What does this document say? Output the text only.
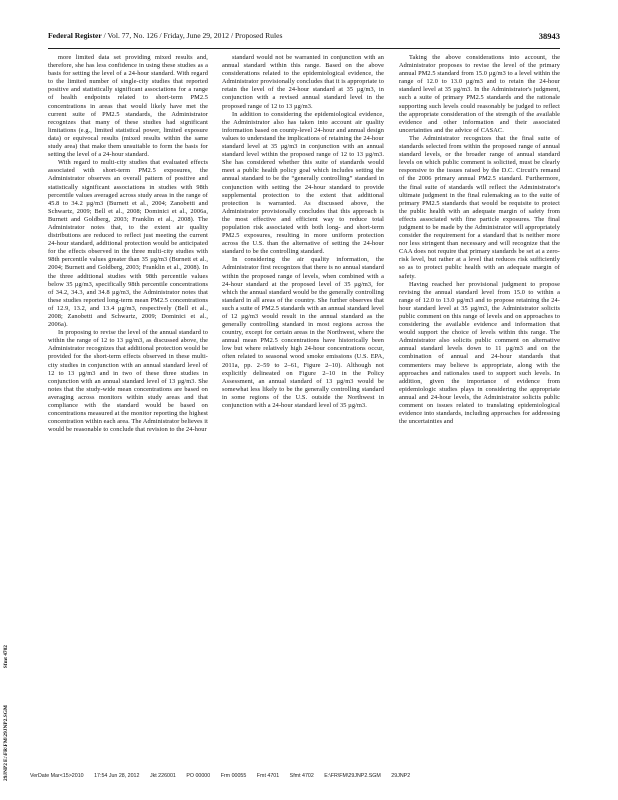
Federal Register / Vol. 77, No. 126 / Friday, June 29, 2012 / Proposed Rules	38943

more limited data set providing mixed results and, therefore, she has less confidence in using these studies as a basis for setting the level of a 24-hour standard. With regard to the limited number of single-city studies that reported positive and statistically significant associations for a range of health endpoints related to short-term PM2.5 concentrations in areas that would likely have met the current suite of PM2.5 standards, the Administrator recognizes that many of these studies had significant limitations (e.g., limited statistical power, limited exposure data) or equivocal results (mixed results within the same study area) that make them unsuitable to form the basis for setting the level of a 24-hour standard.

With regard to multi-city studies that evaluated effects associated with short-term PM2.5 exposures, the Administrator observes an overall pattern of positive and statistically significant associations in studies with 98th percentile values averaged across study areas in the range of 45.8 to 34.2 µg/m3 (Burnett et al., 2004; Zanobetti and Schwartz, 2009; Bell et al., 2008; Dominici et al., 2006a, Burnett and Goldberg, 2003; Franklin et al., 2008). The Administrator notes that, to the extent air quality distributions are reduced to reflect just meeting the current 24-hour standard, additional protection would be anticipated for the effects observed in the three multi-city studies with 98th percentile values greater than 35 µg/m3 (Burnett et al., 2004; Burnett and Goldberg, 2003; Franklin et al., 2008). In the three additional studies with 98th percentile values below 35 µg/m3, specifically 98th percentile concentrations of 34.2, 34.3, and 34.8 µg/m3, the Administrator notes that these studies reported long-term mean PM2.5 concentrations of 12.9, 13.2, and 13.4 µg/m3, respectively (Bell et al., 2008; Zanobetti and Schwartz, 2009; Dominici et al., 2006a).

In proposing to revise the level of the annual standard to within the range of 12 to 13 µg/m3, as discussed above, the Administrator recognizes that additional protection would be provided for the short-term effects observed in these multi-city studies in conjunction with an annual standard level of 12 to 13 µg/m3 and in two of these three studies in conjunction with an annual standard level of 13 µg/m3. She notes that the study-wide mean concentrations are based on averaging across monitors within study areas and that compliance with the standard would be based on concentrations measured at the monitor reporting the highest concentration within each area. The Administrator believes it would be reasonable to conclude that revision to the 24-hour

standard would not be warranted in conjunction with an annual standard within this range. Based on the above considerations related to the epidemiological evidence, the Administrator provisionally concludes that it is appropriate to retain the level of the 24-hour standard at 35 µg/m3, in conjunction with a revised annual standard level in the proposed range of 12 to 13 µg/m3.

In addition to considering the epidemiological evidence, the Administrator also has taken into account air quality information based on county-level 24-hour and annual design values to understand the implications of retaining the 24-hour standard level at 35 µg/m3 in conjunction with an annual standard level within the proposed range of 12 to 13 µg/m3. She has considered whether this suite of standards would meet a public health policy goal which includes setting the annual standard to be the “generally controlling” standard in conjunction with setting the 24-hour standard to provide supplemental protection to the extent that additional protection is warranted. As discussed above, the Administrator provisionally concludes that this approach is the most effective and efficient way to reduce total population risk associated with both long- and short-term PM2.5 exposures, resulting in more uniform protection across the U.S. than the alternative of setting the 24-hour standard to be the controlling standard.

In considering the air quality information, the Administrator first recognizes that there is no annual standard within the proposed range of levels, when combined with a 24-hour standard at the proposed level of 35 µg/m3, for which the annual standard would be the generally controlling standard in all areas of the country. She further observes that such a suite of PM2.5 standards with an annual standard level of 12 µg/m3 would result in the annual standard as the generally controlling standard in most regions across the country, except for certain areas in the Northwest, where the annual mean PM2.5 concentrations have historically been low but where relatively high 24-hour concentrations occur, often related to seasonal wood smoke emissions (U.S. EPA, 2011a, pp. 2–59 to 2–61, Figure 2–10). Although not explicitly delineated on Figure 2–10 in the Policy Assessment, an annual standard of 13 µg/m3 would be somewhat less likely to be the generally controlling standard in some regions of the U.S. outside the Northwest in conjunction with a 24-hour standard level of 35 µg/m3.

Taking the above considerations into account, the Administrator proposes to revise the level of the primary annual PM2.5 standard from 15.0 µg/m3 to a level within the range of 12.0 to 13.0 µg/m3 and to retain the 24-hour standard level at 35 µg/m3. In the Administrator's judgment, such a suite of primary PM2.5 standards and the rationale supporting such levels could reasonably be judged to reflect the appropriate consideration of the strength of the available evidence and other information and their associated uncertainties and the advice of CASAC.

The Administrator recognizes that the final suite of standards selected from within the proposed range of annual standard levels, or the broader range of annual standard levels on which public comment is solicited, must be clearly responsive to the issues raised by the D.C. Circuit's remand of the 2006 primary annual PM2.5 standard. Furthermore, the final suite of standards will reflect the Administrator's ultimate judgment in the final rulemaking as to the suite of primary PM2.5 standards that would be requisite to protect the public health with an adequate margin of safety from effects associated with fine particle exposures. The final judgment to be made by the Administrator will appropriately consider the requirement for a standard that is neither more nor less stringent than necessary and will recognize that the CAA does not require that primary standards be set at a zero-risk level, but rather at a level that reduces risk sufficiently so as to protect public health with an adequate margin of safety.

Having reached her provisional judgment to propose revising the annual standard level from 15.0 to within a range of 12.0 to 13.0 µg/m3 and to propose retaining the 24-hour standard level at 35 µg/m3, the Administrator solicits public comment on this range of levels and on approaches to considering the available evidence and information that would support the choice of levels within this range. The Administrator also solicits public comment on alternative annual standard levels down to 11 µg/m3 and on the combination of annual and 24-hour standards that commenters may believe is appropriate, along with the approaches and rationales used to support such levels. In addition, given the importance of evidence from epidemiologic studies plays in considering the appropriate annual and 24-hour levels, the Administrator solicits public comment on issues related to translating epidemiological evidence into standards, including approaches for addressing the uncertainties and

Sfmt 4702
E:\FR\FM\29JNP2.SGM
29JNP2	VerDate Mar<15>2010 17:54 Jun 28, 2012 Jkt 226001 PO 00000 Frm 00055 Fmt 4701 Sfmt 4702 E:\FR\FM\29JNP2.SGM 29JNP2
